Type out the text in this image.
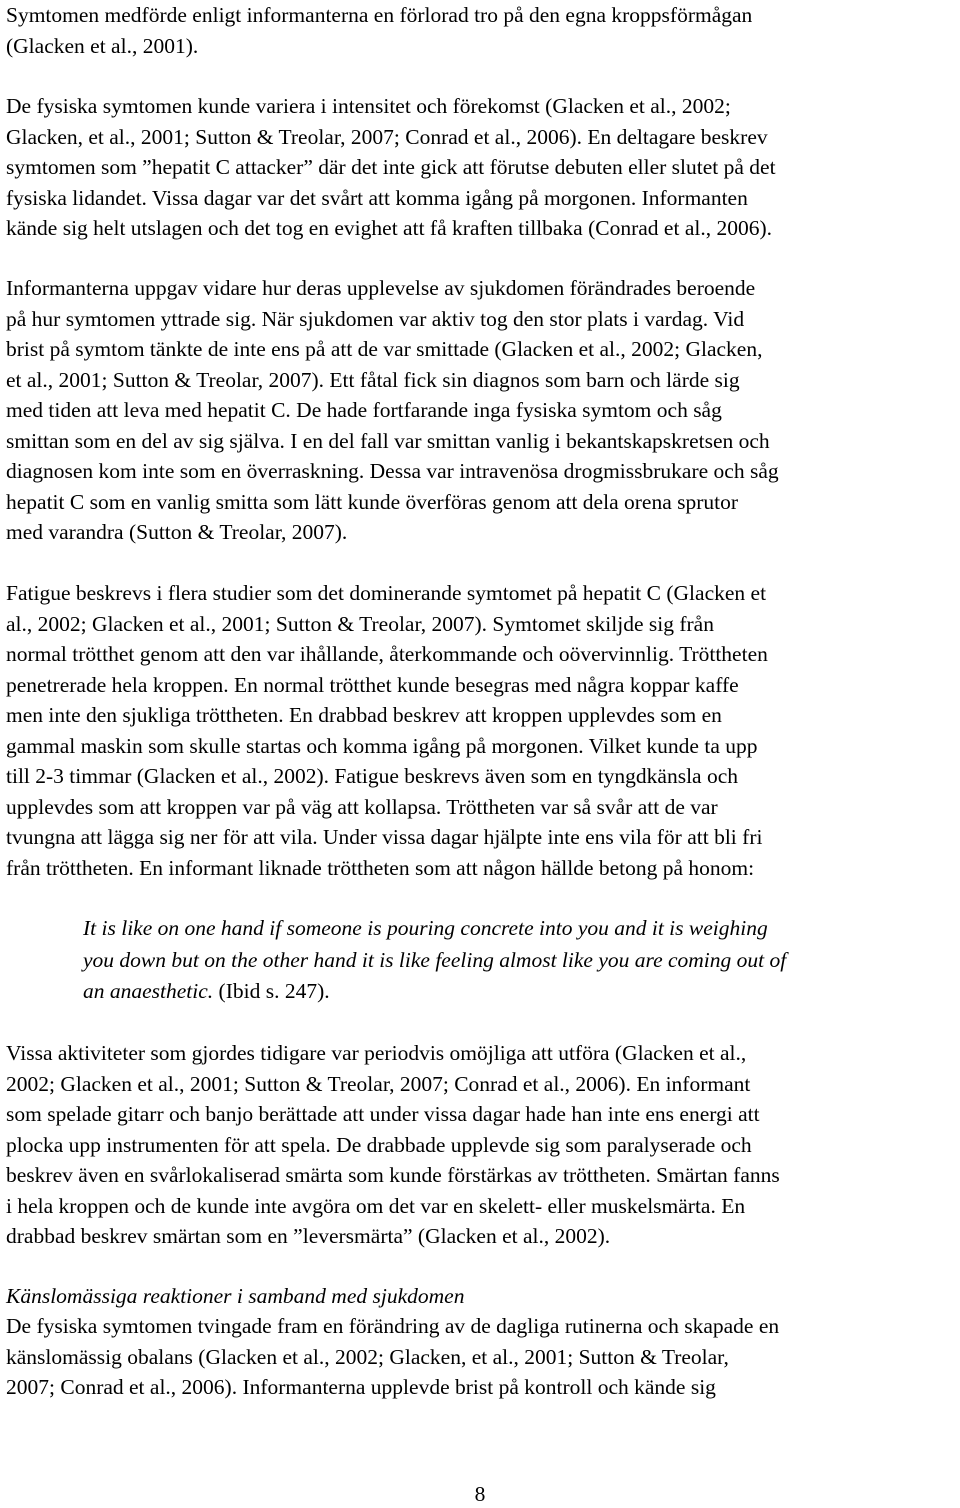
Symtomen medförde enligt informanterna en förlorad tro på den egna kroppsförmågan
(Glacken et al., 2001).

De fysiska symtomen kunde variera i intensitet och förekomst (Glacken et al., 2002;
Glacken, et al., 2001; Sutton & Treolar, 2007; Conrad et al., 2006). En deltagare beskrev
symtomen som ”hepatit C attacker” där det inte gick att förutse debuten eller slutet på det
fysiska lidandet. Vissa dagar var det svårt att komma igång på morgonen. Informanten
kände sig helt utslagen och det tog en evighet att få kraften tillbaka (Conrad et al., 2006).

Informanterna uppgav vidare hur deras upplevelse av sjukdomen förändrades beroende
på hur symtomen yttrade sig. När sjukdomen var aktiv tog den stor plats i vardag. Vid
brist på symtom tänkte de inte ens på att de var smittade (Glacken et al., 2002; Glacken,
et al., 2001; Sutton & Treolar, 2007). Ett fåtal fick sin diagnos som barn och lärde sig
med tiden att leva med hepatit C. De hade fortfarande inga fysiska symtom och såg
smittan som en del av sig själva. I en del fall var smittan vanlig i bekantskapskretsen och
diagnosen kom inte som en överraskning. Dessa var intravenösa drogmissbrukare och såg
hepatit C som en vanlig smitta som lätt kunde överföras genom att dela orena sprutor
med varandra (Sutton & Treolar, 2007).

Fatigue beskrevs i flera studier som det dominerande symtomet på hepatit C (Glacken et
al., 2002; Glacken et al., 2001; Sutton & Treolar, 2007). Symtomet skiljde sig från
normal trötthet genom att den var ihållande, återkommande och oövervinnlig. Tröttheten
penetrerade hela kroppen. En normal trötthet kunde besegras med några koppar kaffe
men inte den sjukliga tröttheten. En drabbad beskrev att kroppen upplevdes som en
gammal maskin som skulle startas och komma igång på morgonen. Vilket kunde ta upp
till 2-3 timmar (Glacken et al., 2002). Fatigue beskrevs även som en tyngdkänsla och
upplevdes som att kroppen var på väg att kollapsa. Tröttheten var så svår att de var
tvungna att lägga sig ner för att vila. Under vissa dagar hjälpte inte ens vila för att bli fri
från tröttheten. En informant liknade tröttheten som att någon hällde betong på honom:

It is like on one hand if someone is pouring concrete into you and it is weighing
you down but on the other hand it is like feeling almost like you are coming out of
an anaesthetic. (Ibid s. 247).

Vissa aktiviteter som gjordes tidigare var periodvis omöjliga att utföra (Glacken et al.,
2002; Glacken et al., 2001; Sutton & Treolar, 2007; Conrad et al., 2006). En informant
som spelade gitarr och banjo berättade att under vissa dagar hade han inte ens energi att
plocka upp instrumenten för att spela. De drabbade upplevde sig som paralyserade och
beskrev även en svårlokaliserad smärta som kunde förstärkas av tröttheten. Smärtan fanns
i hela kroppen och de kunde inte avgöra om det var en skelett- eller muskelsmärta. En
drabbad beskrev smärtan som en ”leversmärta” (Glacken et al., 2002).

Känslomässiga reaktioner i samband med sjukdomen

De fysiska symtomen tvingade fram en förändring av de dagliga rutinerna och skapade en
känslomässig obalans (Glacken et al., 2002; Glacken, et al., 2001; Sutton & Treolar,
2007; Conrad et al., 2006). Informanterna upplevde brist på kontroll och kände sig

8
